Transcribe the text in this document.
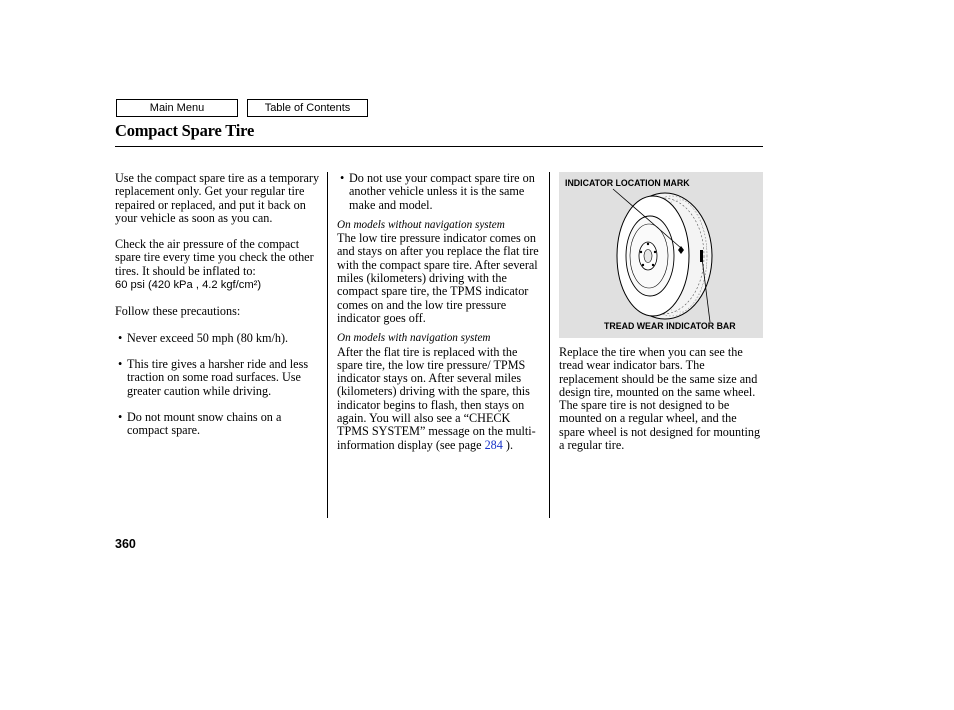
Main Menu	Table of Contents
Compact Spare Tire

Use the compact spare tire as a temporary replacement only. Get your regular tire repaired or replaced, and put it back on your vehicle as soon as you can.

Check the air pressure of the compact spare tire every time you check the other tires. It should be inflated to:

60 psi (420 kPa , 4.2 kgf/cm²)

Follow these precautions:

• Never exceed 50 mph (80 km/h).
• This tire gives a harsher ride and less traction on some road surfaces. Use greater caution while driving.
• Do not mount snow chains on a compact spare.
• Do not use your compact spare tire on another vehicle unless it is the same make and model.

On models without navigation system

The low tire pressure indicator comes on and stays on after you replace the flat tire with the compact spare tire. After several miles (kilometers) driving with the compact spare tire, the TPMS indicator comes on and the low tire pressure indicator goes off.

On models with navigation system

After the flat tire is replaced with the spare tire, the low tire pressure/ TPMS indicator stays on. After several miles (kilometers) driving with the spare, this indicator begins to flash, then stays on again. You will also see a “CHECK TPMS SYSTEM” message on the multi-information display (see page 284 ).

INDICATOR LOCATION MARK
TREAD WEAR INDICATOR BAR

Replace the tire when you can see the tread wear indicator bars. The replacement should be the same size and design tire, mounted on the same wheel. The spare tire is not designed to be mounted on a regular wheel, and the spare wheel is not designed for mounting a regular tire.

360
